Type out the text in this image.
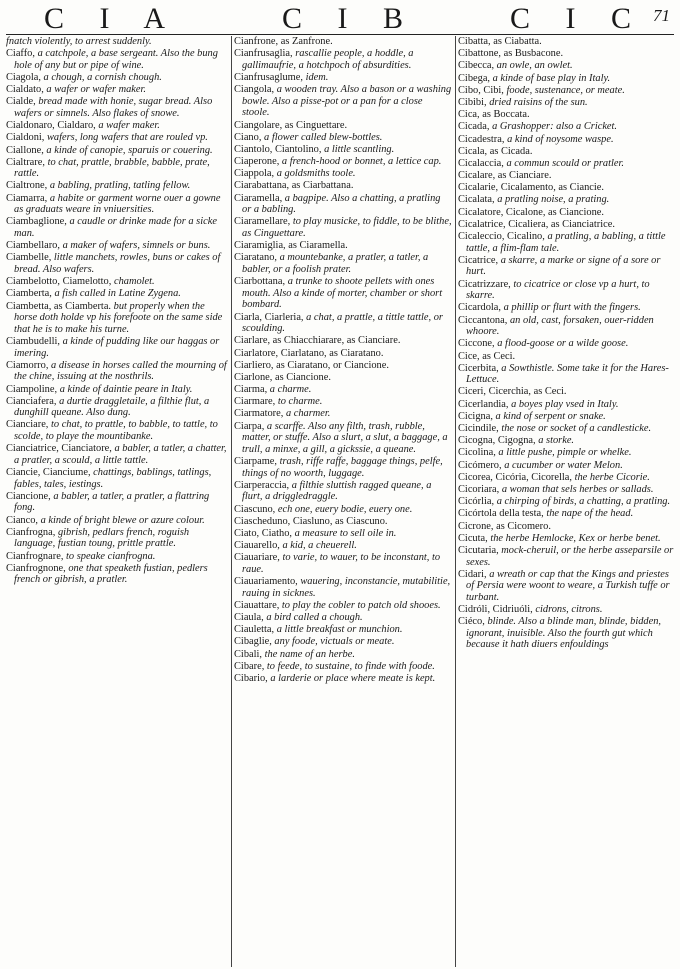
C I A	C I B	C I C 71
fnatch violently, to arrest suddenly.
Ciaffo, a catchpole, a base sergeant. Also the bung hole of any but or pipe of wine.
Ciagola, a chough, a cornish chough.
Cialdato, a wafer or wafer maker.
Cialde, bread made with honie, sugar bread. Also wafers or simnels. Also flakes of snowe.
Cialdonaro, Cialdaro, a wafer maker.
Cialdoni, wafers, long wafers that are rouled vp.
Ciallone, a kinde of canopie, sparuis or couering.
Cialtrare, to chat, prattle, brabble, babble, prate, rattle.
Cialtrone, a babling, pratling, tatling fellow.
Ciamarra, a habite or garment worne ouer a gowne as graduats weare in vniuersities.
Ciambaglione, a caudle or drinke made for a sicke man.
Ciambellaro, a maker of wafers, simnels or buns.
Ciambelle, little manchets, rowles, buns or cakes of bread. Also wafers.
Ciambelotto, Ciamelotto, chamolet.
Ciamberta, a fish called in Latine Zygena.
Ciambetta, as Ciamberta. but properly when the horse doth holde vp his forefoote on the same side that he is to make his turne.
Ciambudelli, a kinde of pudding like our haggas or imering.
Ciamorro, a disease in horses called the mourning of the chine, issuing at the nosthrils.
Ciampoline, a kinde of daintie peare in Italy.
Cianciafera, a durtie draggletaile, a filthie flut, a dunghill queane. Also dung.
Cianciare, to chat, to prattle, to babble, to tattle, to scolde, to playe the mountibanke.
Cianciatrice, Cianciatore, a babler, a tatler, a chatter, a pratler, a scould, a little tattle.
Ciancie, Cianciume, chattings, bablings, tatlings, fables, tales, iestings.
Ciancione, a babler, a tatler, a pratler, a flattring fong.
Cianco, a kinde of bright blewe or azure colour.
Cianfrogna, gibrish, pedlars french, roguish language, fustian toung, prittle prattle.
Cianfrognare, to speake cianfrogna.
Cianfrognone, one that speaketh fustian, pedlers french or gibrish, a pratler.
Cianfrone, as Zanfrone.
Cianfrusaglia, rascallie people, a hoddle, a gallimaufrie, a hotchpoch of absurdities.
Cianfrusaglume, idem.
Ciangola, a wooden tray. Also a bason or a washing bowle. Also a pisse-pot or a pan for a close stoole.
Ciangolare, as Cinguettare.
Ciano, a flower called blew-bottles.
Ciantolo, Ciantolino, a little scantling.
Ciaperone, a french-hood or bonnet, a lettice cap.
Ciappola, a goldsmiths toole.
Ciarabattana, as Ciarbattana.
Ciaramella, a bagpipe. Also a chatting, a pratling or a babling.
Ciaramellare, to play musicke, to fiddle, to be blithe, as Cinguettare.
Ciaramiglia, as Ciaramella.
Ciaratano, a mountebanke, a pratler, a tatler, a babler, or a foolish prater.
Ciarbottana, a trunke to shoote pellets with ones mouth. Also a kinde of morter, chamber or short bombard.
Ciarla, Ciarleria, a chat, a prattle, a tittle tattle, or scoulding.
Ciarlare, as Chiacchiarare, as Cianciare.
Ciarlatore, Ciarlatano, as Ciaratano.
Ciarliero, as Ciaratano, or Ciancione.
Ciarlone, as Ciancione.
Ciarma, a charme.
Ciarmare, to charme.
Ciarmatore, a charmer.
Ciarpa, a scarffe. Also any filth, trash, rubble, matter, or stuffe. Also a slurt, a slut, a baggage, a trull, a minxe, a gill, a gickssie, a queane.
Ciarpame, trash, riffe raffe, baggage things, pelfe, things of no woorth, luggage.
Ciarperaccia, a filthie sluttish ragged queane, a flurt, a driggledraggle.
Ciascuno, ech one, euery bodie, euery one.
Ciascheduno, Ciasluno, as Ciascuno.
Ciato, Ciatho, a measure to sell oile in.
Ciauarello, a kid, a cheuerell.
Ciauariare, to varie, to wauer, to be inconstant, to raue.
Ciauariamento, wauering, inconstancie, mutabilitie, rauing in sicknes.
Ciauattare, to play the cobler to patch old shooes.
Ciaula, a bird called a chough.
Ciauletta, a little breakfast or munchion.
Cibaglie, any foode, victuals or meate.
Cibali, the name of an herbe.
Cibare, to feede, to sustaine, to finde with foode.
Cibario, a larderie or place where meate is kept.
Cibatta, as Ciabatta.
Cibattone, as Busbacone.
Cibecca, an owle, an owlet.
Cibega, a kinde of base play in Italy.
Cibo, Cibi, foode, sustenance, or meate.
Cibibi, dried raisins of the sun.
Cica, as Boccata.
Cicada, a Grashopper: also a Cricket.
Cicadestra, a kind of noysome waspe.
Cicala, as Cicada.
Cicalaccia, a commun scould or pratler.
Cicalare, as Cianciare.
Cicalarie, Cicalamento, as Ciancie.
Cicalata, a pratling noise, a prating.
Cicalatore, Cicalone, as Ciancione.
Cicalatrice, Cicaliera, as Cianciatrice.
Cicaleccio, Cicalino, a pratling, a babling, a tittle tattle, a flim-flam tale.
Cicatrice, a skarre, a marke or signe of a sore or hurt.
Cicatrizzare, to cicatrice or close vp a hurt, to skarre.
Cicardola, a phillip or flurt with the fingers.
Ciccantona, an old, cast, forsaken, ouer-ridden whoore.
Ciccone, a flood-goose or a wilde goose.
Cice, as Ceci.
Cicerbita, a Sowthistle. Some take it for the Hares-Lettuce.
Ciceri, Cicerchia, as Ceci.
Cicerlandia, a boyes play vsed in Italy.
Cicigna, a kind of serpent or snake.
Cicindile, the nose or socket of a candlesticke.
Cicogna, Cigogna, a storke.
Cicolina, a little pushe, pimple or whelke.
Cicómero, a cucumber or water Melon.
Cicorea, Cicória, Cicorella, the herbe Cicorie.
Cicoriara, a woman that sels herbes or sallads.
Cicórlia, a chirping of birds, a chatting, a pratling.
Cicórtola della testa, the nape of the head.
Cicrone, as Cicomero.
Cicuta, the herbe Hemlocke, Kex or herbe benet.
Cicutaria, mock-cheruil, or the herbe asseparsile or sexes.
Cidari, a wreath or cap that the Kings and priestes of Persia were woont to weare, a Turkish tuffe or turbant.
Cidróli, Cidriuóli, cidrons, citrons.
Ciéco, blinde. Also a blinde man, blinde, bidden, ignorant, inuisible. Also the fourth gut which because it hath diuers enfouldings
